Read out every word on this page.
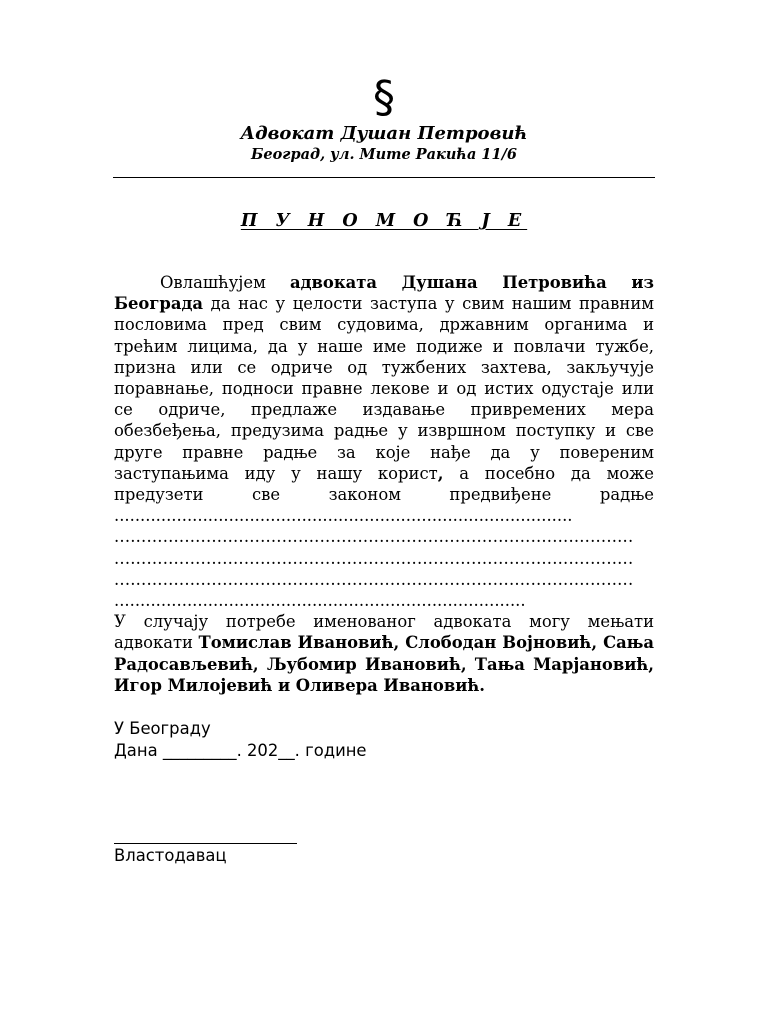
§
Адвокат Душан Петровић
Београд, ул. Мите Ракића 11/6
П У Н О М О Ћ Ј Е

Овлашћујем адвоката Душана Петровића из Београда да нас у целости заступа у свим нашим правним пословима пред свим судовима, државним органима и трећим лицима, да у наше име подиже и повлачи тужбе, призна или се одриче од тужбених захтева, закључује поравнање, подноси правне лекове и од истих одустаје или се одриче, предлаже издавање привремених мера обезбеђења, предузима радње у извршном поступку и све друге правне радње за које нађе да у повереним заступањима иду у нашу корист, а посебно да може предузети све законом предвиђене радње ........................................................................................

................................................................................................
................................................................................................
................................................................................................
...............................................................................

У случају потребе именованог адвоката могу мењати адвокати Томислав Ивановић, Слободан Војновић, Сања Радосављевић, Љубомир Ивановић, Тања Марјановић, Игор Милојевић и Оливера Ивановић.

У Београду
Дана _________. 202__. године
Властодавац
